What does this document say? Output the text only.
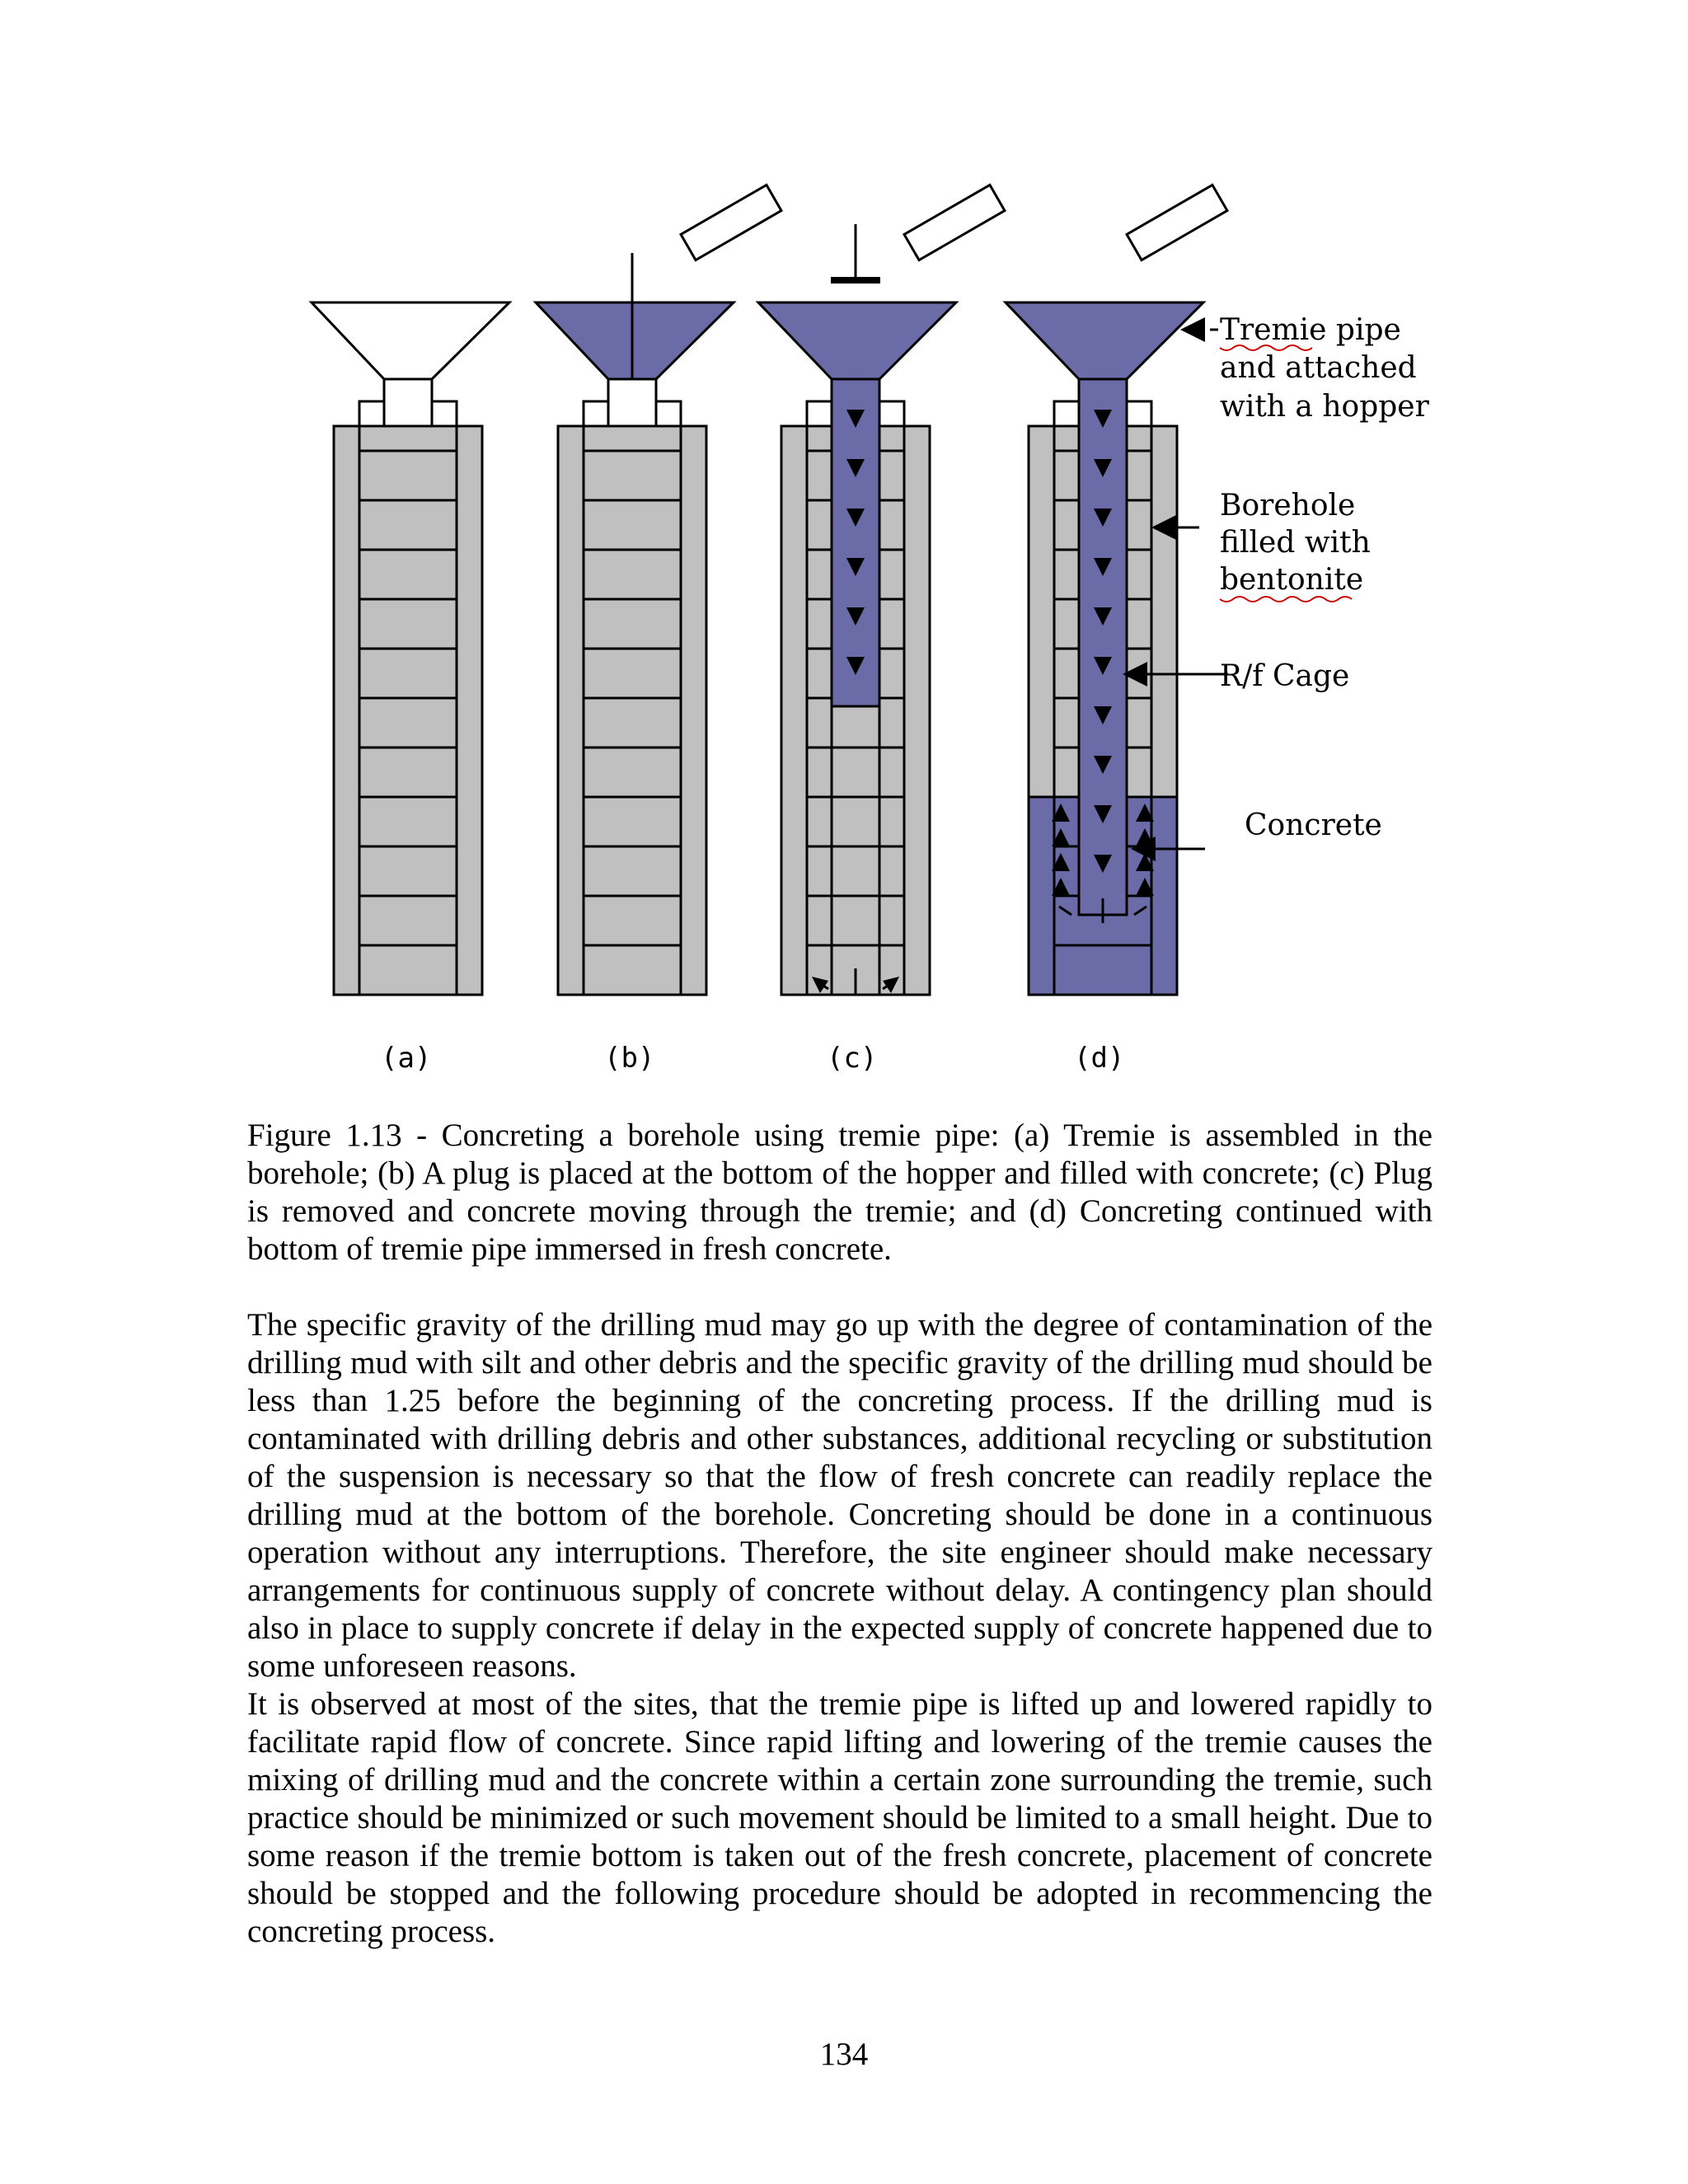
(a)	(b)	(c)	(d)
Tremie pipe
and attached
with a hopper
Borehole
filled with
bentonite
R/f Cage
Concrete

Figure 1.13 - Concreting a borehole using tremie pipe: (a) Tremie is assembled in the borehole; (b) A plug is placed at the bottom of the hopper and filled with concrete; (c) Plug is removed and concrete moving through the tremie; and (d) Concreting continued with bottom of tremie pipe immersed in fresh concrete.

The specific gravity of the drilling mud may go up with the degree of contamination of the drilling mud with silt and other debris and the specific gravity of the drilling mud should be less than 1.25 before the beginning of the concreting process. If the drilling mud is contaminated with drilling debris and other substances, additional recycling or substitution of the suspension is necessary so that the flow of fresh concrete can readily replace the drilling mud at the bottom of the borehole. Concreting should be done in a continuous operation without any interruptions. Therefore, the site engineer should make necessary arrangements for continuous supply of concrete without delay. A contingency plan should also in place to supply concrete if delay in the expected supply of concrete happened due to some unforeseen reasons.

It is observed at most of the sites, that the tremie pipe is lifted up and lowered rapidly to facilitate rapid flow of concrete. Since rapid lifting and lowering of the tremie causes the mixing of drilling mud and the concrete within a certain zone surrounding the tremie, such practice should be minimized or such movement should be limited to a small height. Due to some reason if the tremie bottom is taken out of the fresh concrete, placement of concrete should be stopped and the following procedure should be adopted in recommencing the concreting process.

134
